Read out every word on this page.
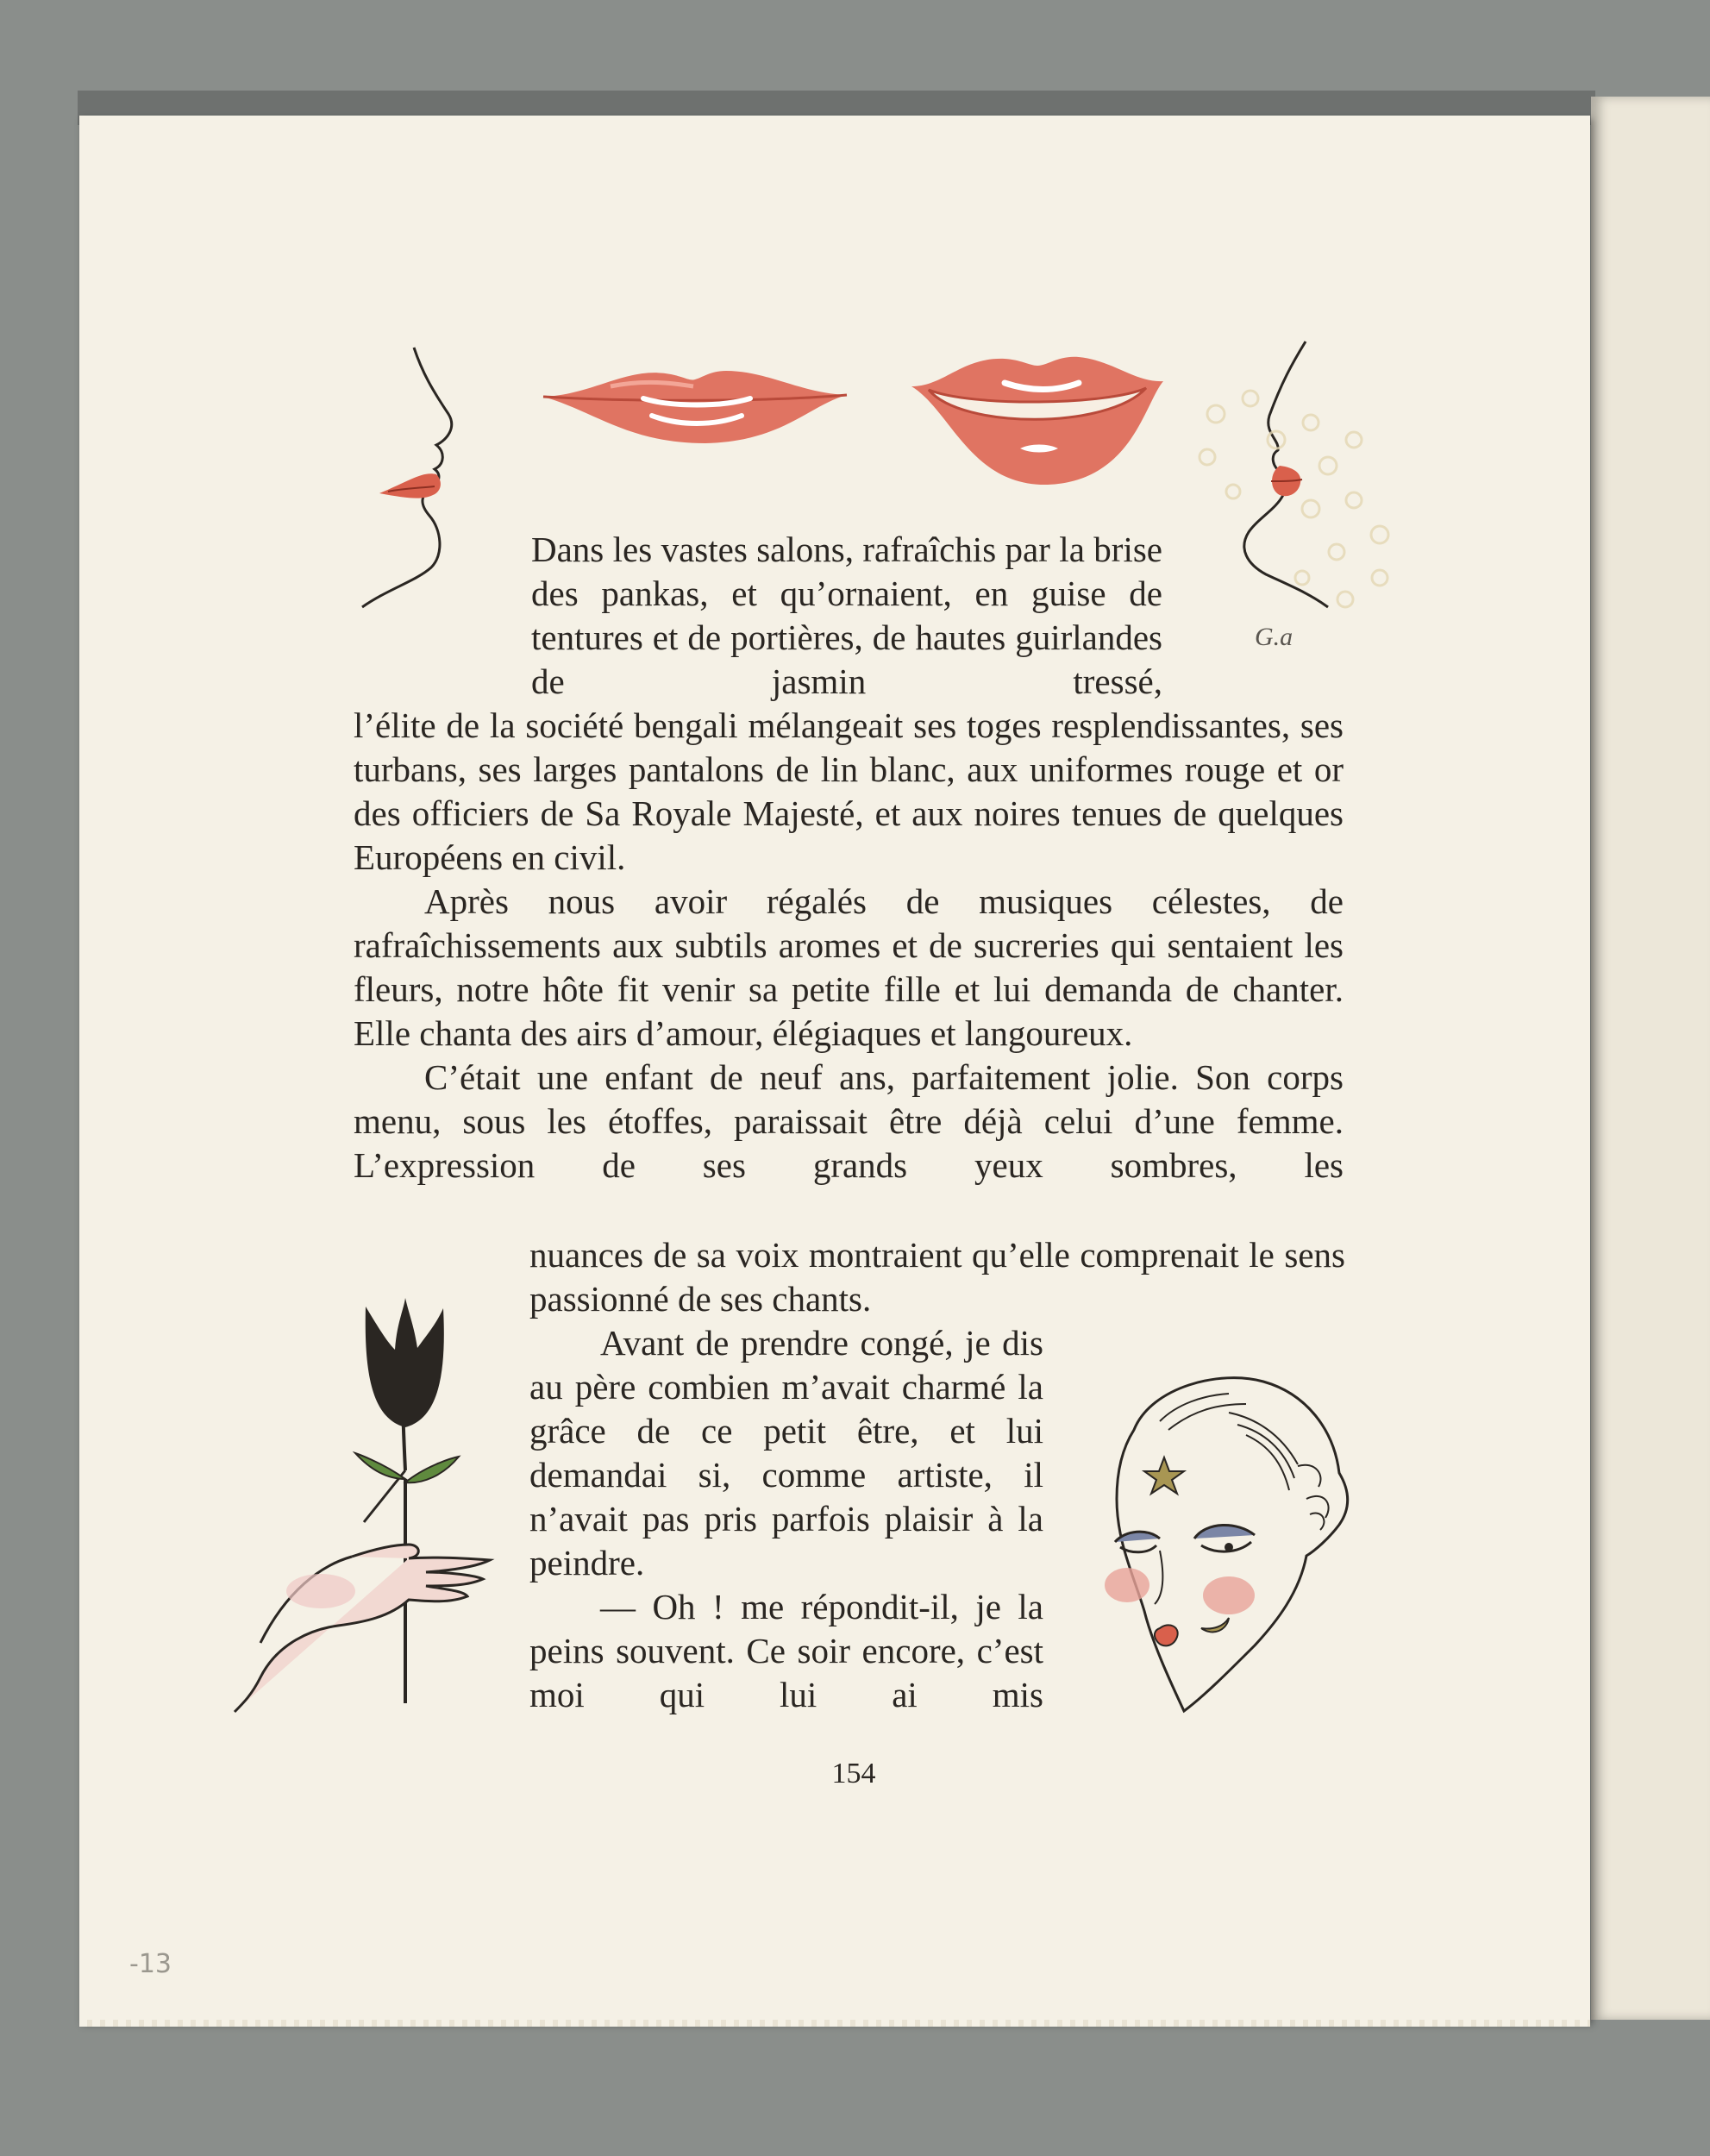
G.a

Dans les vastes salons, rafraîchis par la brise des pankas, et qu’ornaient, en guise de tentures et de portières, de hautes guirlandes de jasmin tressé,

l’élite de la société bengali mélangeait ses toges resplendissantes, ses turbans, ses larges pantalons de lin blanc, aux uniformes rouge et or des officiers de Sa Royale Majesté, et aux noires tenues de quelques Européens en civil.

Après nous avoir régalés de musiques célestes, de rafraîchissements aux subtils aromes et de sucreries qui sentaient les fleurs, notre hôte fit venir sa petite fille et lui demanda de chanter. Elle chanta des airs d’amour, élégiaques et langoureux.

C’était une enfant de neuf ans, parfaitement jolie. Son corps menu, sous les étoffes, paraissait être déjà celui d’une femme. L’expression de ses grands yeux sombres, les

nuances de sa voix montraient qu’elle comprenait le sens passionné de ses chants.

Avant de prendre congé, je dis au père combien m’avait charmé la grâce de ce petit être, et lui demandai si, comme artiste, il n’avait pas pris parfois plaisir à la peindre.

— Oh ! me répondit-il, je la peins souvent. Ce soir encore, c’est moi qui lui ai mis

154
-13
